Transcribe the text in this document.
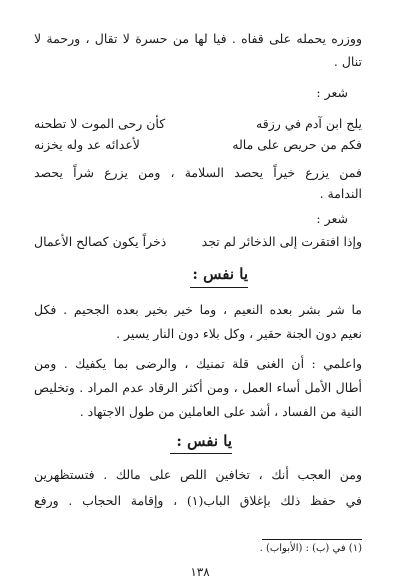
ووزره يحمله على قفاه . فيا لها من حسرة لا تقال ، ورحمة لا
تنال .
شعر :
يلج ابن آدم في رزقه
كأن رحى الموت لا تطحنه
فكم من حريص على ماله
لأعدائه عد وله يخزنه
فمن يزرع خيراً يحصد السلامة ، ومن يزرع شراً يحصد
الندامة .
شعر :
وإذا افتقرت إلى الذخائر لم تجد
ذخراً يكون كصالح الأعمال
يا نفس :
ما شر بشر بعده النعيم ، وما خير بخير بعده الجحيم . فكل
نعيم دون الجنة حقير ، وكل بلاء دون النار يسير .
واعلمي : أن الغنى قلة تمنيك ، والرضى بما يكفيك . ومن
أطال الأمل أساء العمل ، ومن أكثر الرقاد عدم المراد . وتخليص
النية من الفساد ، أشد على العاملين من طول الاجتهاد .
يا نفس :
ومن العجب أنك ، تخافين اللص على مالك . فتستظهرين
في حفظ ذلك بإغلاق الباب(١) ، وإقامة الحجاب . ورفع
(١) في (ب) : (الأبواب) .
١٣٨
